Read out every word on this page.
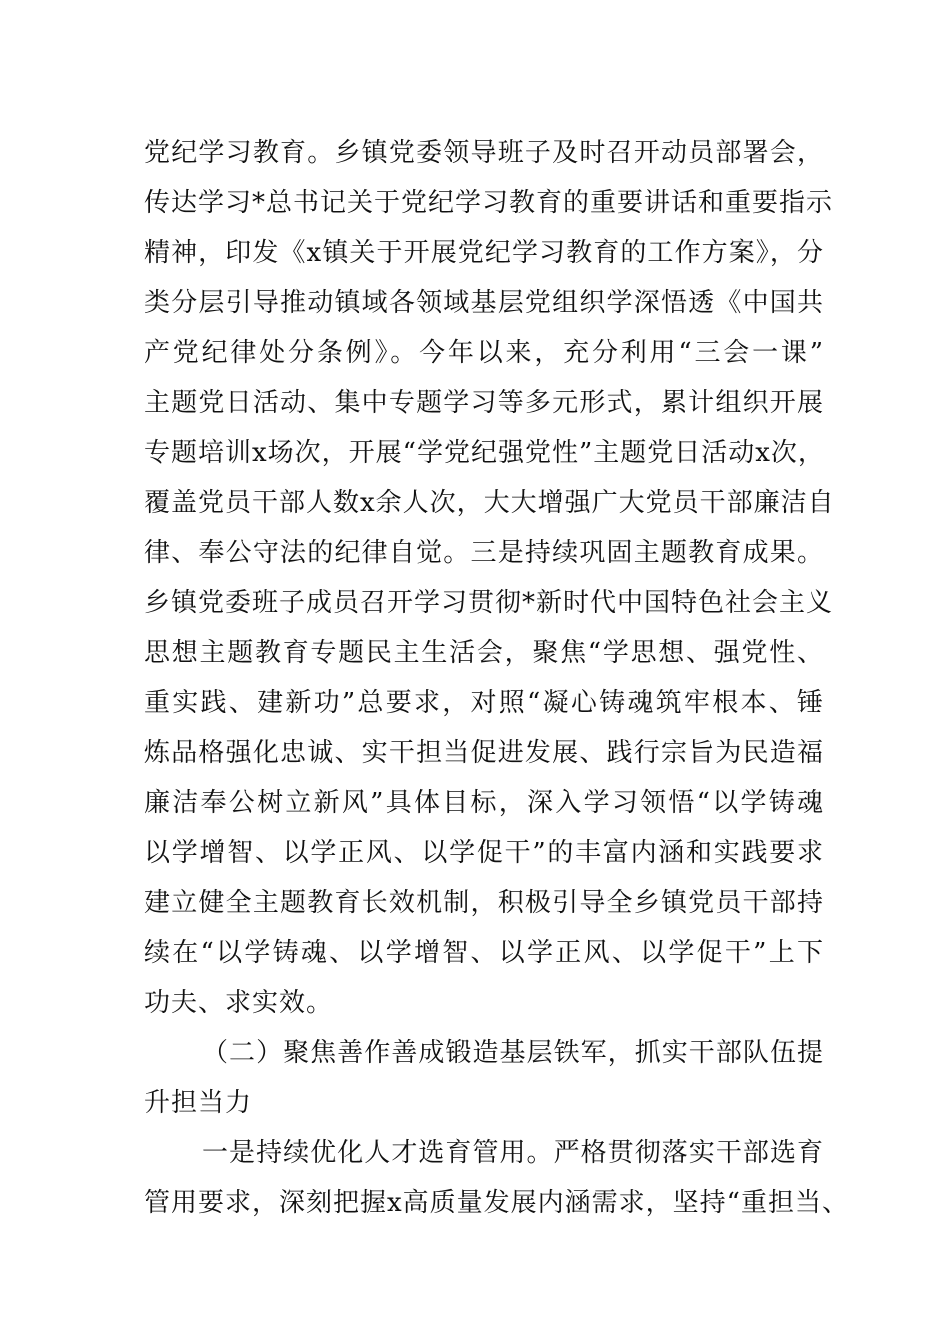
党纪学习教育。乡镇党委领导班子及时召开动员部署会，
传达学习*总书记关于党纪学习教育的重要讲话和重要指示
精神，印发《x镇关于开展党纪学习教育的工作方案》，分
类分层引导推动镇域各领域基层党组织学深悟透《中国共
产党纪律处分条例》。今年以来，充分利用“三会一课”
主题党日活动、集中专题学习等多元形式，累计组织开展
专题培训x场次，开展“学党纪强党性”主题党日活动x次，
覆盖党员干部人数x余人次，大大增强广大党员干部廉洁自
律、奉公守法的纪律自觉。三是持续巩固主题教育成果。
乡镇党委班子成员召开学习贯彻*新时代中国特色社会主义
思想主题教育专题民主生活会，聚焦“学思想、强党性、
重实践、建新功”总要求，对照“凝心铸魂筑牢根本、锤
炼品格强化忠诚、实干担当促进发展、践行宗旨为民造福
廉洁奉公树立新风”具体目标，深入学习领悟“以学铸魂
以学增智、以学正风、以学促干”的丰富内涵和实践要求
建立健全主题教育长效机制，积极引导全乡镇党员干部持
续在“以学铸魂、以学增智、以学正风、以学促干”上下
功夫、求实效。
（二）聚焦善作善成锻造基层铁军，抓实干部队伍提
升担当力
一是持续优化人才选育管用。严格贯彻落实干部选育
管用要求，深刻把握x高质量发展内涵需求，坚持“重担当、
